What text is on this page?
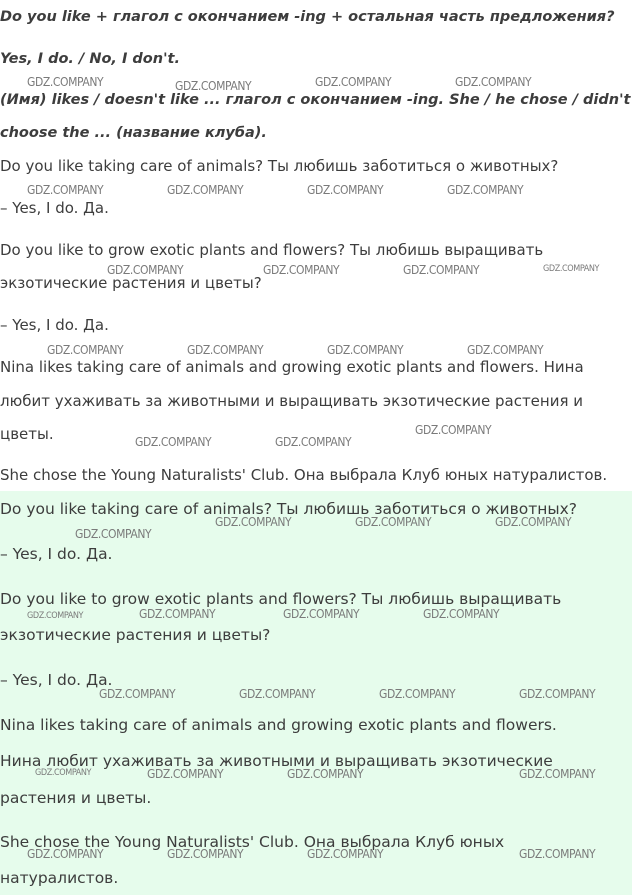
Do you like + глагол с окончанием -ing + остальная часть предложения?

Yes, I do. / No, I don't.

(Имя) likes / doesn't like ... глагол с окончанием -ing. She / he chose / didn't

choose the ... (название клуба).

Do you like taking care of animals? Ты любишь заботиться о животных?

– Yes, I do. Да.

Do you like to grow exotic plants and flowers? Ты любишь выращивать

экзотические растения и цветы?

– Yes, I do. Да.

Nina likes taking care of animals and growing exotic plants and flowers. Нина

любит ухаживать за животными и выращивать экзотические растения и

цветы.

She chose the Young Naturalists' Club. Она выбрала Клуб юных натуралистов.

Do you like taking care of animals? Ты любишь заботиться о животных?

– Yes, I do. Да.

Do you like to grow exotic plants and flowers? Ты любишь выращивать

экзотические растения и цветы?

– Yes, I do. Да.

Nina likes taking care of animals and growing exotic plants and flowers.

Нина любит ухаживать за животными и выращивать экзотические

растения и цветы.

She chose the Young Naturalists' Club. Она выбрала Клуб юных

натуралистов.

GDZ.COMPANY	GDZ.COMPANY	GDZ.COMPANY	GDZ.COMPANY
GDZ.COMPANY	GDZ.COMPANY	GDZ.COMPANY	GDZ.COMPANY
GDZ.COMPANY	GDZ.COMPANY	GDZ.COMPANY	GDZ.COMPANY
GDZ.COMPANY	GDZ.COMPANY	GDZ.COMPANY	GDZ.COMPANY
GDZ.COMPANY	GDZ.COMPANY
GDZ.COMPANY
GDZ.COMPANY
GDZ.COMPANY	GDZ.COMPANY	GDZ.COMPANY
GDZ.COMPANY	GDZ.COMPANY	GDZ.COMPANY	GDZ.COMPANY
GDZ.COMPANY	GDZ.COMPANY	GDZ.COMPANY	GDZ.COMPANY
GDZ.COMPANY	GDZ.COMPANY	GDZ.COMPANY	GDZ.COMPANY
GDZ.COMPANY	GDZ.COMPANY	GDZ.COMPANY	GDZ.COMPANY
